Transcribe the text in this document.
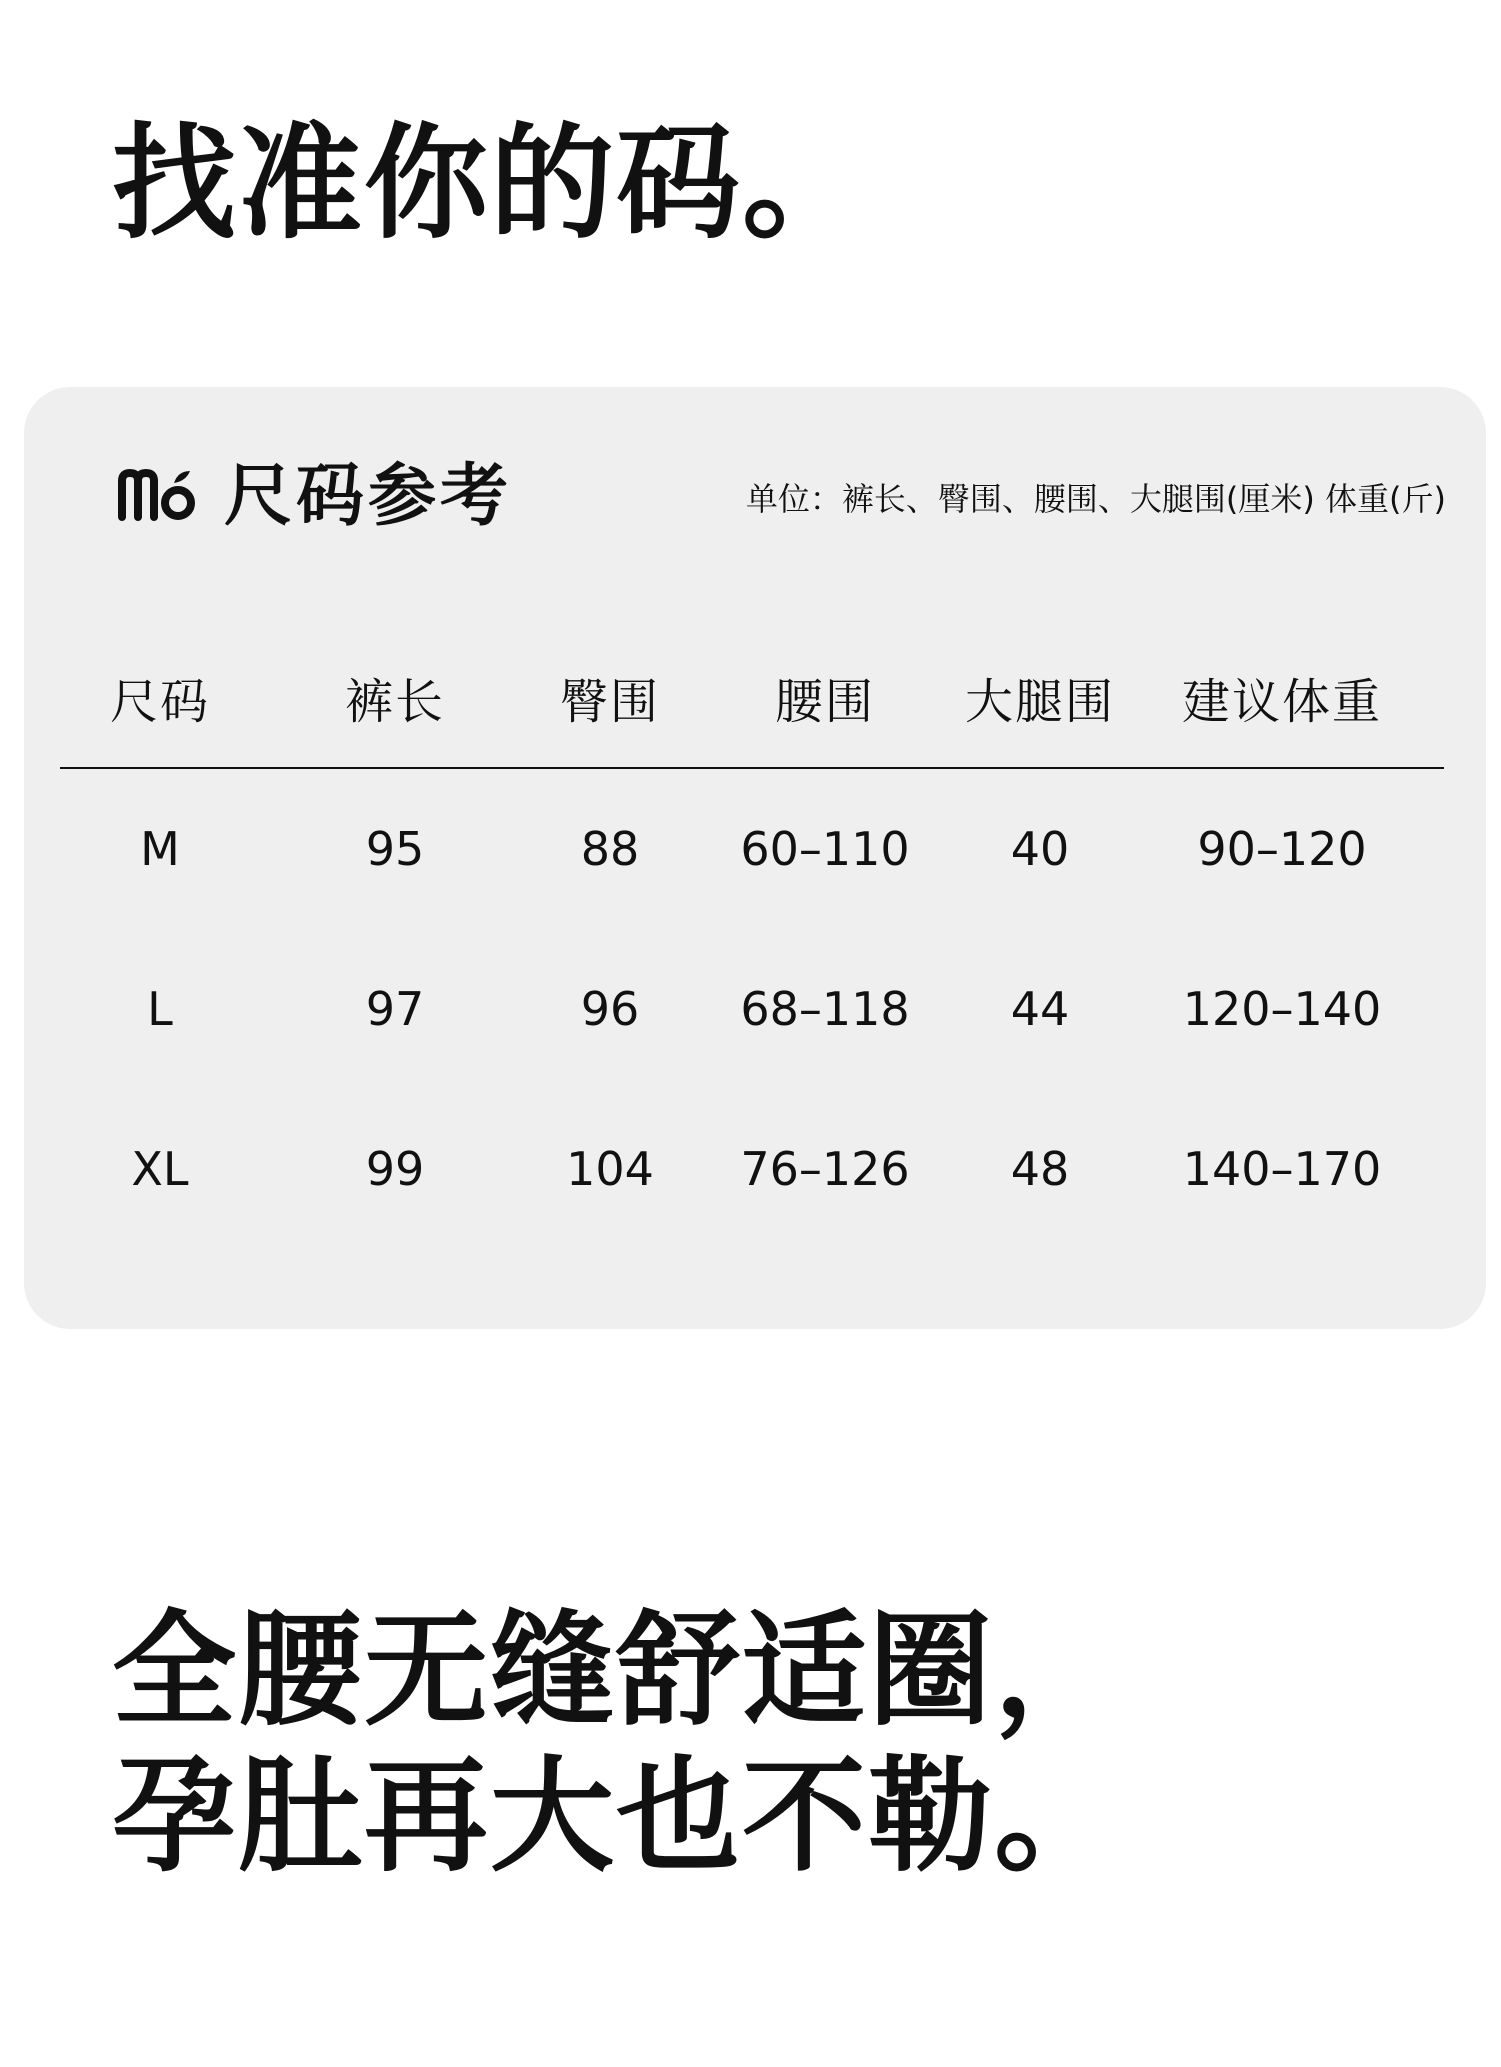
找准你的码。
尺码参考	单位：裤长、臀围、腰围、大腿围(厘米) 体重(斤)
尺码	裤长	臀围	腰围	大腿围	建议体重
M	95	88	60–110	40	90–120
L	97	96	68–118	44	120–140
XL	99	104	76–126	48	140–170
全腰无缝舒适圈，
孕肚再大也不勒。
